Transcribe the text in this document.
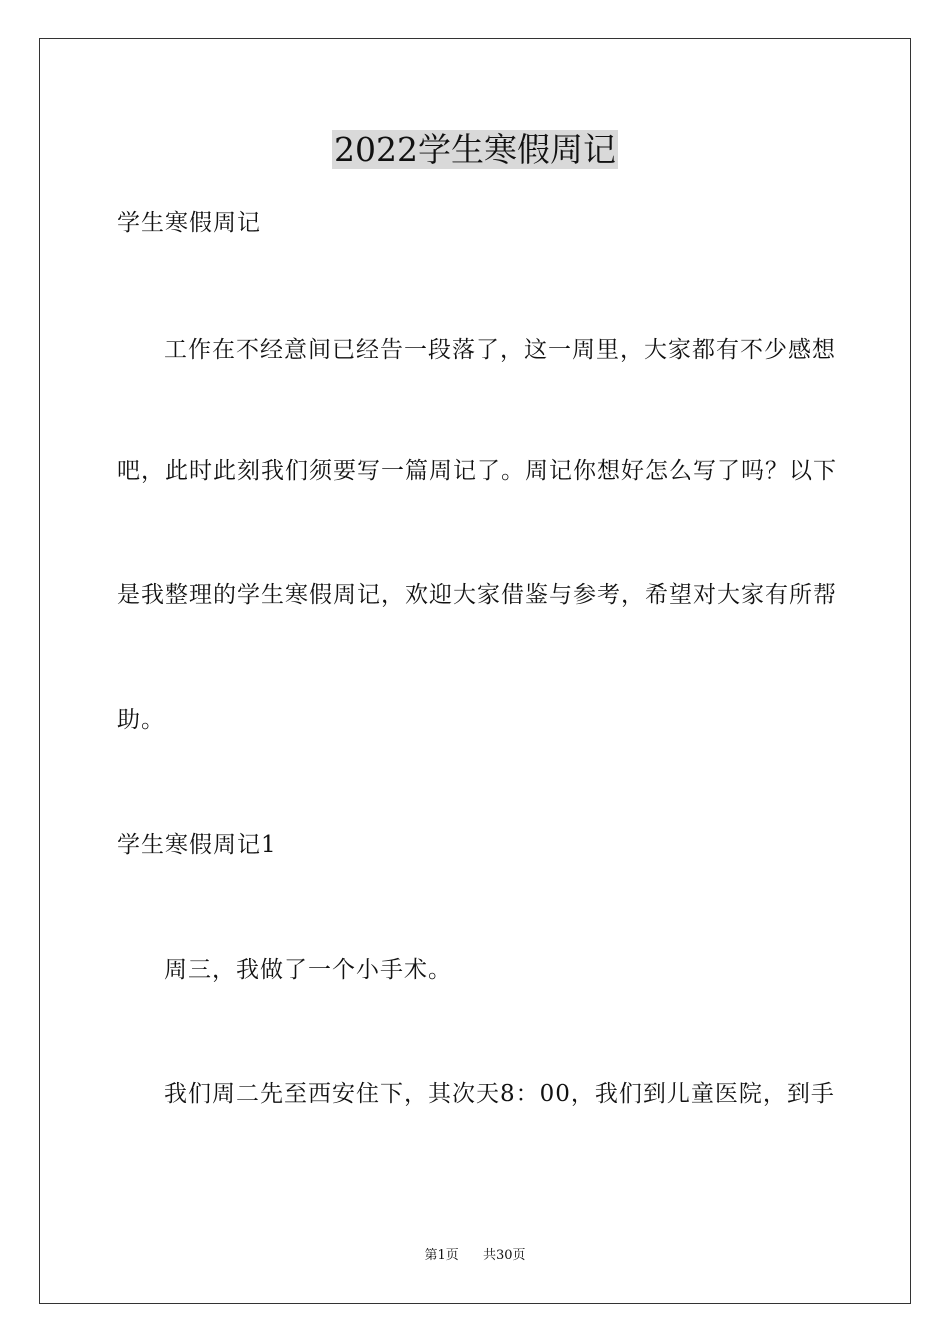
2022学生寒假周记
学生寒假周记
工作在不经意间已经告一段落了，这一周里，大家都有不少感想
吧，此时此刻我们须要写一篇周记了。周记你想好怎么写了吗？以下
是我整理的学生寒假周记，欢迎大家借鉴与参考，希望对大家有所帮
助。
学生寒假周记1
周三，我做了一个小手术。
我们周二先至西安住下，其次天8：00，我们到儿童医院，到手
第1页 共30页
